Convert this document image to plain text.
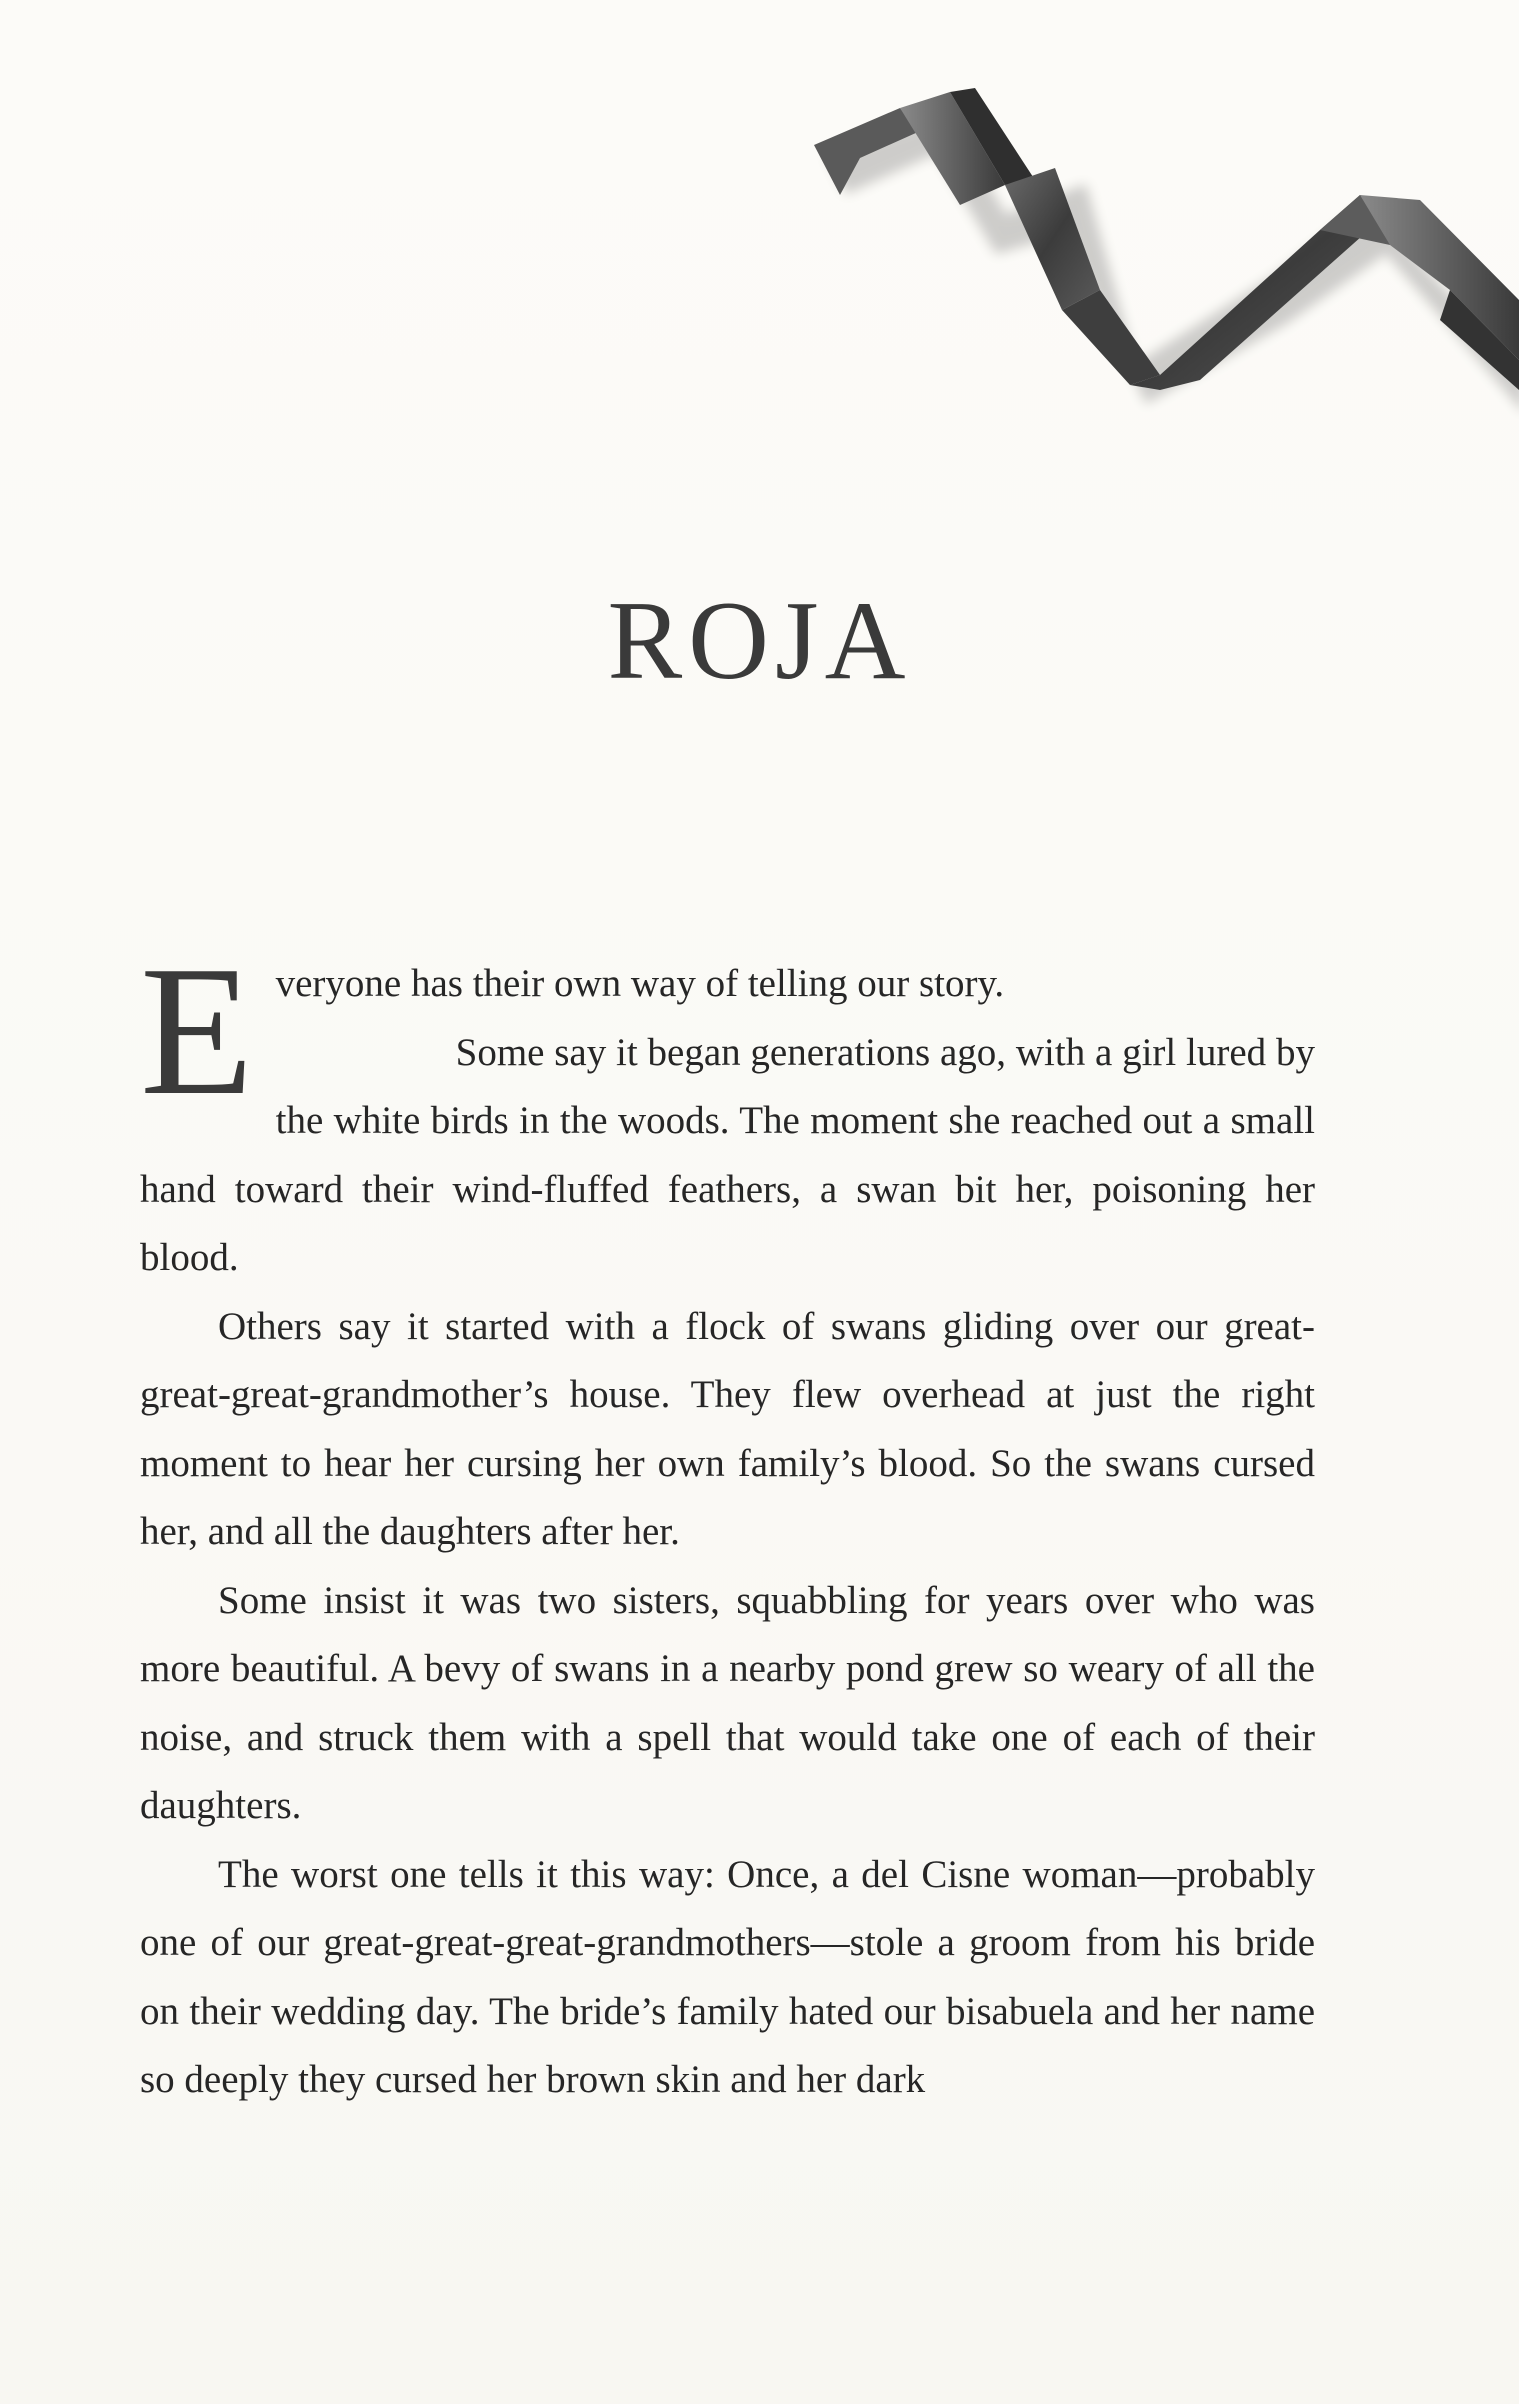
ROJA

Everyone has their own way of telling our story.
Some say it began generations ago, with a girl lured by the white birds in the woods. The moment she reached out a small hand toward their wind-fluffed feathers, a swan bit her, poisoning her blood.

Others say it started with a flock of swans gliding over our great-great-great-grandmother’s house. They flew overhead at just the right moment to hear her cursing her own family’s blood. So the swans cursed her, and all the daughters after her.

Some insist it was two sisters, squabbling for years over who was more beautiful. A bevy of swans in a nearby pond grew so weary of all the noise, and struck them with a spell that would take one of each of their daughters.

The worst one tells it this way: Once, a del Cisne woman—probably one of our great-great-great-grandmothers—stole a groom from his bride on their wedding day. The bride’s family hated our bisabuela and her name so deeply they cursed her brown skin and her dark
